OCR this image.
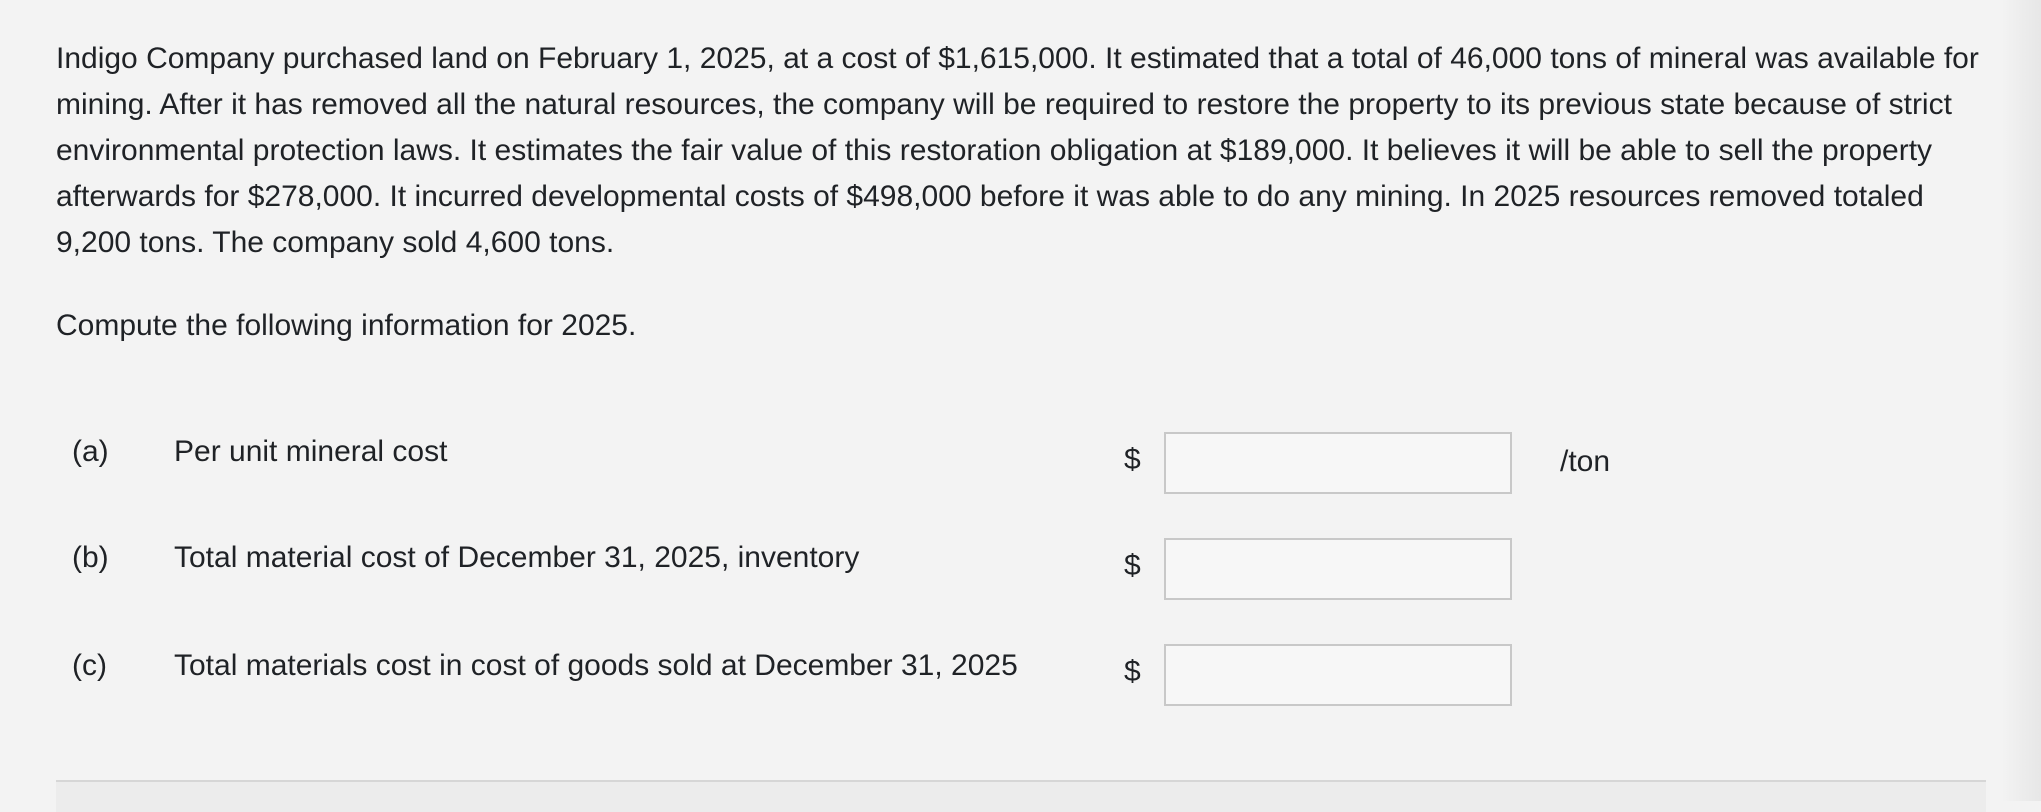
Indigo Company purchased land on February 1, 2025, at a cost of $1,615,000. It estimated that a total of 46,000 tons of mineral was available for mining. After it has removed all the natural resources, the company will be required to restore the property to its previous state because of strict environmental protection laws. It estimates the fair value of this restoration obligation at $189,000. It believes it will be able to sell the property afterwards for $278,000. It incurred developmental costs of $498,000 before it was able to do any mining. In 2025 resources removed totaled 9,200 tons. The company sold 4,600 tons.
Compute the following information for 2025.
(a) Per unit mineral cost	$	/ton
(b) Total material cost of December 31, 2025, inventory	$
(c) Total materials cost in cost of goods sold at December 31, 2025	$
